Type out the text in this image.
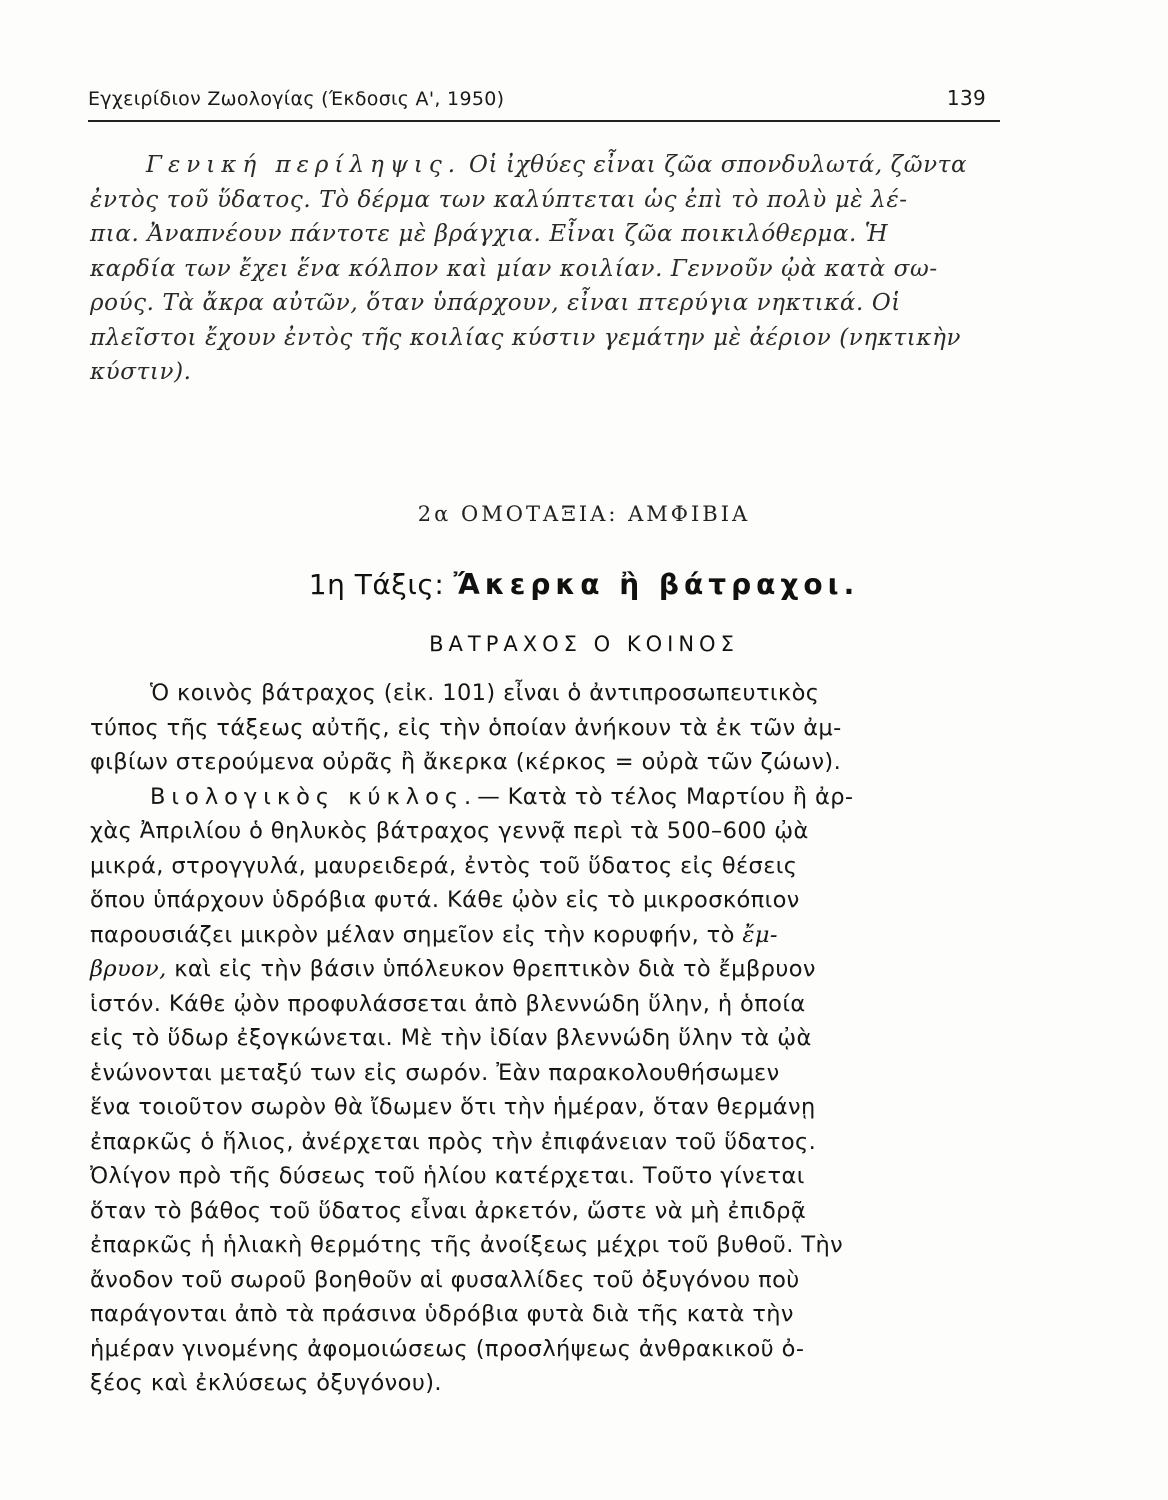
Εγχειρίδιον Ζωολογίας (Έκδοσις Α', 1950)	139
Γενική περίληψις. Οἱ ἰχθύες εἶναι ζῶα σπονδυλωτά, ζῶντα
ἐντὸς τοῦ ὕδατος. Τὸ δέρμα των καλύπτεται ὡς ἐπὶ τὸ πολὺ μὲ λέ-
πια. Ἀναπνέουν πάντοτε μὲ βράγχια. Εἶναι ζῶα ποικιλόθερμα. Ἡ
καρδία των ἔχει ἕνα κόλπον καὶ μίαν κοιλίαν. Γεννοῦν ᾠὰ κατὰ σω-
ρούς. Τὰ ἄκρα αὐτῶν, ὅταν ὑπάρχουν, εἶναι πτερύγια νηκτικά. Οἱ
πλεῖστοι ἔχουν ἐντὸς τῆς κοιλίας κύστιν γεμάτην μὲ ἀέριον (νηκτικὴν
κύστιν).
2α ΟΜΟΤΑΞΙΑ: ΑΜΦΙΒΙΑ
1η Τάξις: Ἄκερκα ἢ βάτραχοι.
ΒΑΤΡΑΧΟΣ Ο ΚΟΙΝΟΣ
Ὁ κοινὸς βάτραχος (εἰκ. 101) εἶναι ὁ ἀντιπροσωπευτικὸς
τύπος τῆς τάξεως αὐτῆς, εἰς τὴν ὁποίαν ἀνήκουν τὰ ἐκ τῶν ἀμ-
φιβίων στερούμενα οὐρᾶς ἢ ἄκερκα (κέρκος = οὐρὰ τῶν ζώων).
Βιολογικὸς κύκλος.— Κατὰ τὸ τέλος Μαρτίου ἢ ἀρ-
χὰς Ἀπριλίου ὁ θηλυκὸς βάτραχος γεννᾷ περὶ τὰ 500–600 ᾠὰ
μικρά, στρογγυλά, μαυρειδερά, ἐντὸς τοῦ ὕδατος εἰς θέσεις
ὅπου ὑπάρχουν ὑδρόβια φυτά. Κάθε ᾠὸν εἰς τὸ μικροσκόπιον
παρουσιάζει μικρὸν μέλαν σημεῖον εἰς τὴν κορυφήν, τὸ ἔμ-
βρυον, καὶ εἰς τὴν βάσιν ὑπόλευκον θρεπτικὸν διὰ τὸ ἔμβρυον
ἱστόν. Κάθε ᾠὸν προφυλάσσεται ἀπὸ βλεννώδη ὕλην, ἡ ὁποία
εἰς τὸ ὕδωρ ἐξογκώνεται. Μὲ τὴν ἰδίαν βλεννώδη ὕλην τὰ ᾠὰ
ἑνώνονται μεταξύ των εἰς σωρόν. Ἐὰν παρακολουθήσωμεν
ἕνα τοιοῦτον σωρὸν θὰ ἴδωμεν ὅτι τὴν ἡμέραν, ὅταν θερμάνῃ
ἐπαρκῶς ὁ ἥλιος, ἀνέρχεται πρὸς τὴν ἐπιφάνειαν τοῦ ὕδατος.
Ὀλίγον πρὸ τῆς δύσεως τοῦ ἡλίου κατέρχεται. Τοῦτο γίνεται
ὅταν τὸ βάθος τοῦ ὕδατος εἶναι ἀρκετόν, ὥστε νὰ μὴ ἐπιδρᾷ
ἐπαρκῶς ἡ ἡλιακὴ θερμότης τῆς ἀνοίξεως μέχρι τοῦ βυθοῦ. Τὴν
ἄνοδον τοῦ σωροῦ βοηθοῦν αἱ φυσαλλίδες τοῦ ὀξυγόνου ποὺ
παράγονται ἀπὸ τὰ πράσινα ὑδρόβια φυτὰ διὰ τῆς κατὰ τὴν
ἡμέραν γινομένης ἀφομοιώσεως (προσλήψεως ἀνθρακικοῦ ὀ-
ξέος καὶ ἐκλύσεως ὀξυγόνου).
